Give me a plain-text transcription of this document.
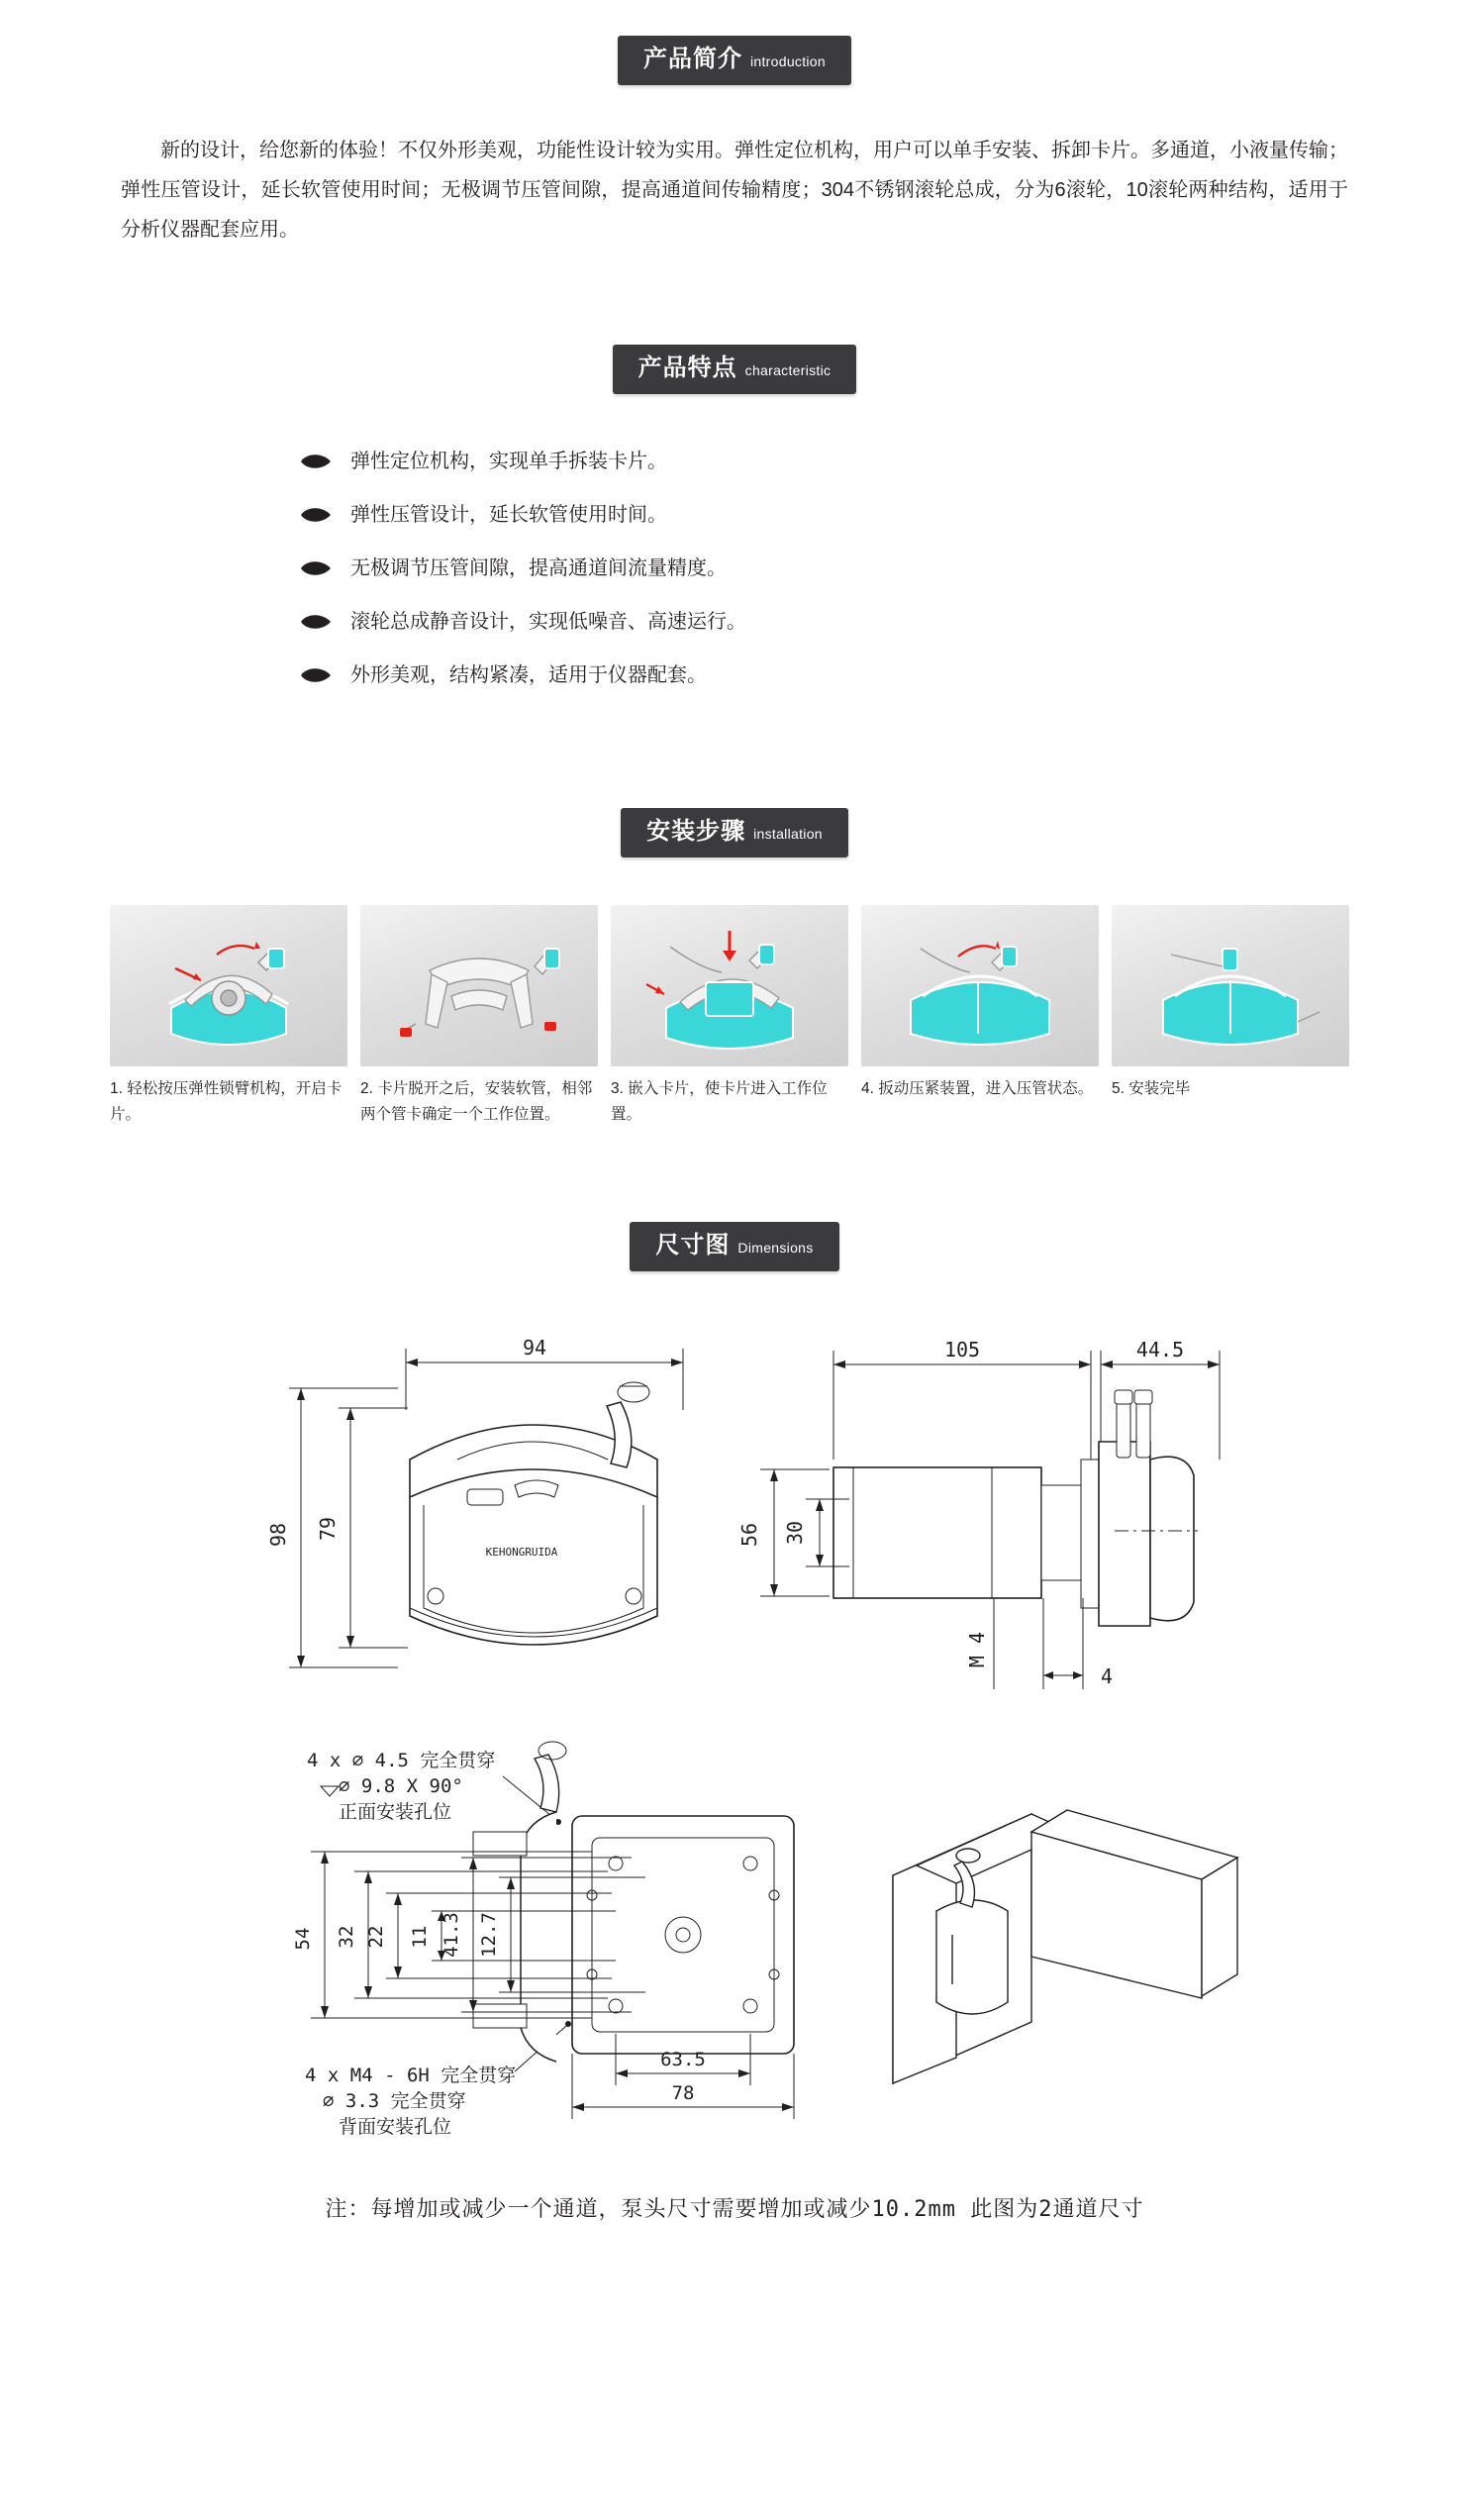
产品简介 introduction

新的设计，给您新的体验！不仅外形美观，功能性设计较为实用。弹性定位机构，用户可以单手安装、拆卸卡片。多通道，小液量传输；弹性压管设计，延长软管使用时间；无极调节压管间隙，提高通道间传输精度；304不锈钢滚轮总成，分为6滚轮，10滚轮两种结构，适用于分析仪器配套应用。

产品特点 characteristic
弹性定位机构，实现单手拆装卡片。
弹性压管设计，延长软管使用时间。
无极调节压管间隙，提高通道间流量精度。
滚轮总成静音设计，实现低噪音、高速运行。
外形美观，结构紧凑，适用于仪器配套。
安装步骤 installation
1. 轻松按压弹性锁臂机构，开启卡片。
2. 卡片脱开之后，安装软管，相邻两个管卡确定一个工作位置。
3. 嵌入卡片，使卡片进入工作位置。
4. 扳动压紧装置，进入压管状态。	5. 安装完毕
尺寸图 Dimensions
94
98 79
KEHONGRUIDA
105	44.5
56 30
4
M 4
4 x ⌀ 4.5 完全贯穿
⌀ 9.8 X 90°
正面安装孔位
4 x M4 - 6H 完全贯穿
⌀ 3.3 完全贯穿
背面安装孔位
54 32 22 11 41.3 12.7
63.5
78
注：每增加或减少一个通道，泵头尺寸需要增加或减少10.2mm 此图为2通道尺寸
